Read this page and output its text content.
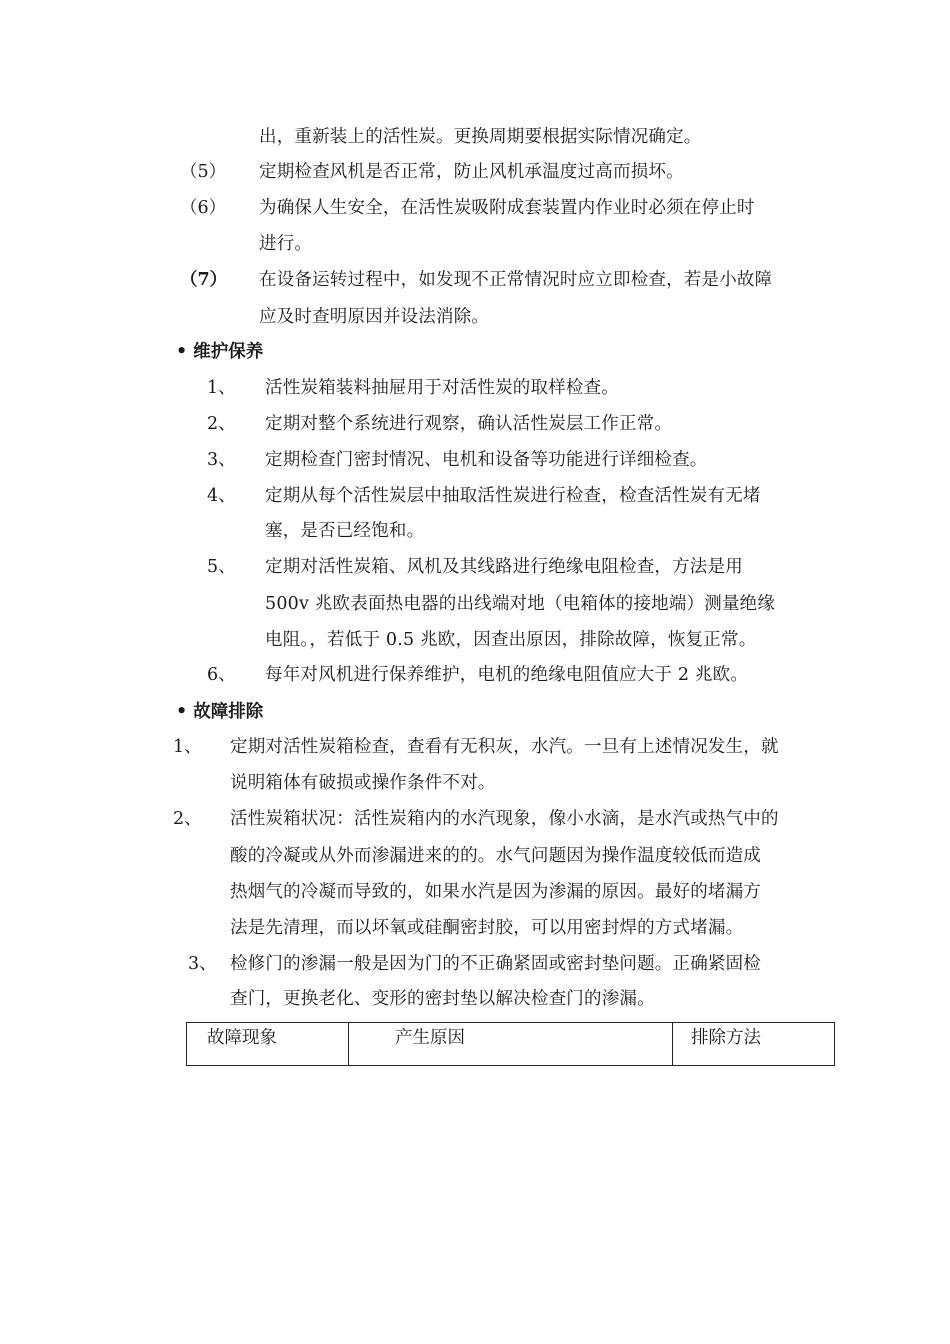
出，重新装上的活性炭。更换周期要根据实际情况确定。
（5） 定期检查风机是否正常，防止风机承温度过高而损坏。
（6） 为确保人生安全，在活性炭吸附成套装置内作业时必须在停止时
进行。
（7） 在设备运转过程中，如发现不正常情况时应立即检查，若是小故障
应及时查明原因并设法消除。
• 维护保养
1、 活性炭箱装料抽屉用于对活性炭的取样检查。
2、 定期对整个系统进行观察，确认活性炭层工作正常。
3、 定期检查门密封情况、电机和设备等功能进行详细检查。
4、 定期从每个活性炭层中抽取活性炭进行检查，检查活性炭有无堵
塞，是否已经饱和。
5、 定期对活性炭箱、风机及其线路进行绝缘电阻检查，方法是用
500v 兆欧表面热电器的出线端对地（电箱体的接地端）测量绝缘
电阻。，若低于 0.5 兆欧，因查出原因，排除故障，恢复正常。
6、 每年对风机进行保养维护，电机的绝缘电阻值应大于 2 兆欧。
• 故障排除
1、 定期对活性炭箱检查，查看有无积灰，水汽。一旦有上述情况发生，就
说明箱体有破损或操作条件不对。
2、 活性炭箱状况：活性炭箱内的水汽现象，像小水滴，是水汽或热气中的
酸的冷凝或从外而渗漏进来的的。水气问题因为操作温度较低而造成
热烟气的冷凝而导致的，如果水汽是因为渗漏的原因。最好的堵漏方
法是先清理，而以坏氧或硅酮密封胶，可以用密封焊的方式堵漏。
3、 检修门的渗漏一般是因为门的不正确紧固或密封垫问题。正确紧固检
查门，更换老化、变形的密封垫以解决检查门的渗漏。
故障现象	产生原因	排除方法
